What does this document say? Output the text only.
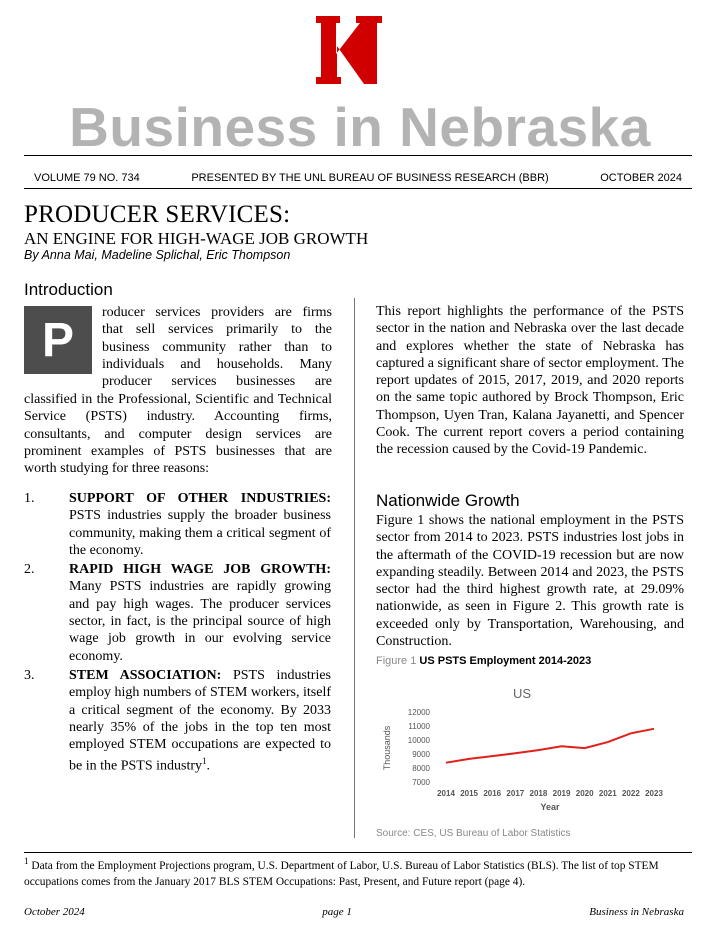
Business in Nebraska
VOLUME 79 NO. 734	PRESENTED BY THE UNL BUREAU OF BUSINESS RESEARCH (BBR)	OCTOBER 2024
PRODUCER SERVICES:
AN ENGINE FOR HIGH-WAGE JOB GROWTH
By Anna Mai, Madeline Splichal, Eric Thompson
Introduction
P
roducer services providers are firms
that sell services primarily to the
business community rather than to
individuals and households. Many
producer services businesses are
classified in the Professional, Scientific and Technical Service (PSTS) industry. Accounting firms, consultants, and computer design services are prominent examples of PSTS businesses that are worth studying for three reasons:
1. SUPPORT OF OTHER INDUSTRIES: PSTS industries supply the broader business community, making them a critical segment of the economy.
2. RAPID HIGH WAGE JOB GROWTH: Many PSTS industries are rapidly growing and pay high wages. The producer services sector, in fact, is the principal source of high wage job growth in our evolving service economy.
3. STEM ASSOCIATION: PSTS industries employ high numbers of STEM workers, itself a critical segment of the economy. By 2033 nearly 35% of the jobs in the top ten most employed STEM occupations are expected to be in the PSTS industry$^1$.
This report highlights the performance of the PSTS sector in the nation and Nebraska over the last decade and explores whether the state of Nebraska has captured a significant share of sector employment. The report updates of 2015, 2017, 2019, and 2020 reports on the same topic authored by Brock Thompson, Eric Thompson, Uyen Tran, Kalana Jayanetti, and Spencer Cook. The current report covers a period containing the recession caused by the Covid-19 Pandemic.
Nationwide Growth
Figure 1 shows the national employment in the PSTS sector from 2014 to 2023. PSTS industries lost jobs in the aftermath of the COVID-19 recession but are now expanding steadily. Between 2014 and 2023, the PSTS sector had the third highest growth rate, at 29.09% nationwide, as seen in Figure 2. This growth rate is exceeded only by Transportation, Warehousing, and Construction.
Figure 1 US PSTS Employment 2014-2023
US
Thousands
Year
7000
8000
9000
10000
11000
12000
2014 2015 2016 2017 2018 2019 2020 2021 2022 2023
Source: CES, US Bureau of Labor Statistics
$^1$ Data from the Employment Projections program, U.S. Department of Labor, U.S. Bureau of Labor Statistics (BLS). The list of top STEM occupations comes from the January 2017 BLS STEM Occupations: Past, Present, and Future report (page 4).
October 2024	page 1	Business in Nebraska
